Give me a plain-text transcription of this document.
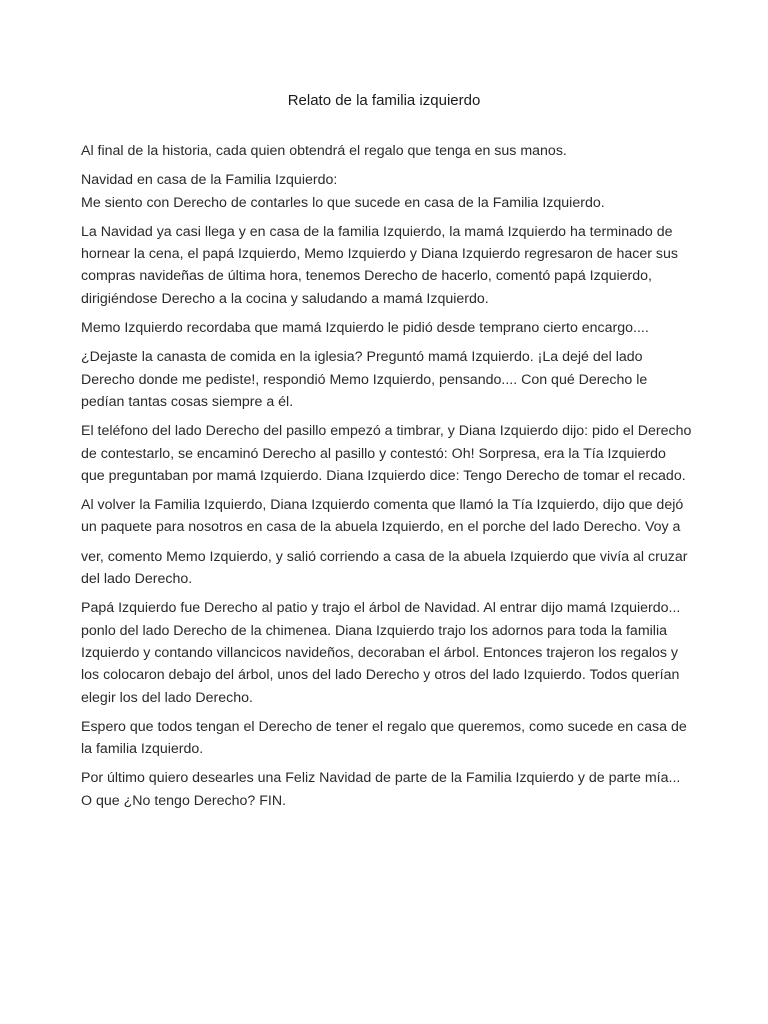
Relato de la familia izquierdo

Al final de la historia, cada quien obtendrá el regalo que tenga en sus manos.

Navidad en casa de la Familia Izquierdo:

Me siento con Derecho de contarles lo que sucede en casa de la Familia Izquierdo.

La Navidad ya casi llega y en casa de la familia Izquierdo, la mamá Izquierdo ha terminado de hornear la cena, el papá Izquierdo, Memo Izquierdo y Diana Izquierdo regresaron de hacer sus compras navideñas de última hora, tenemos Derecho de hacerlo, comentó papá Izquierdo, dirigiéndose Derecho a la cocina y saludando a mamá Izquierdo.

Memo Izquierdo recordaba que mamá Izquierdo le pidió desde temprano cierto encargo....

¿Dejaste la canasta de comida en la iglesia? Preguntó mamá Izquierdo. ¡La dejé del lado Derecho donde me pediste!, respondió Memo Izquierdo, pensando.... Con qué Derecho le pedían tantas cosas siempre a él.

El teléfono del lado Derecho del pasillo empezó a timbrar, y Diana Izquierdo dijo: pido el Derecho de contestarlo, se encaminó Derecho al pasillo y contestó: Oh! Sorpresa, era la Tía Izquierdo que preguntaban por mamá Izquierdo. Diana Izquierdo dice: Tengo Derecho de tomar el recado.

Al volver la Familia Izquierdo, Diana Izquierdo comenta que llamó la Tía Izquierdo, dijo que dejó un paquete para nosotros en casa de la abuela Izquierdo, en el porche del lado Derecho. Voy a

ver, comento Memo Izquierdo, y salió corriendo a casa de la abuela Izquierdo que vivía al cruzar del lado Derecho.

Papá Izquierdo fue Derecho al patio y trajo el árbol de Navidad. Al entrar dijo mamá Izquierdo... ponlo del lado Derecho de la chimenea. Diana Izquierdo trajo los adornos para toda la familia Izquierdo y contando villancicos navideños, decoraban el árbol. Entonces trajeron los regalos y los colocaron debajo del árbol, unos del lado Derecho y otros del lado Izquierdo. Todos querían elegir los del lado Derecho.

Espero que todos tengan el Derecho de tener el regalo que queremos, como sucede en casa de la familia Izquierdo.

Por último quiero desearles una Feliz Navidad de parte de la Familia Izquierdo y de parte mía... O que ¿No tengo Derecho? FIN.
